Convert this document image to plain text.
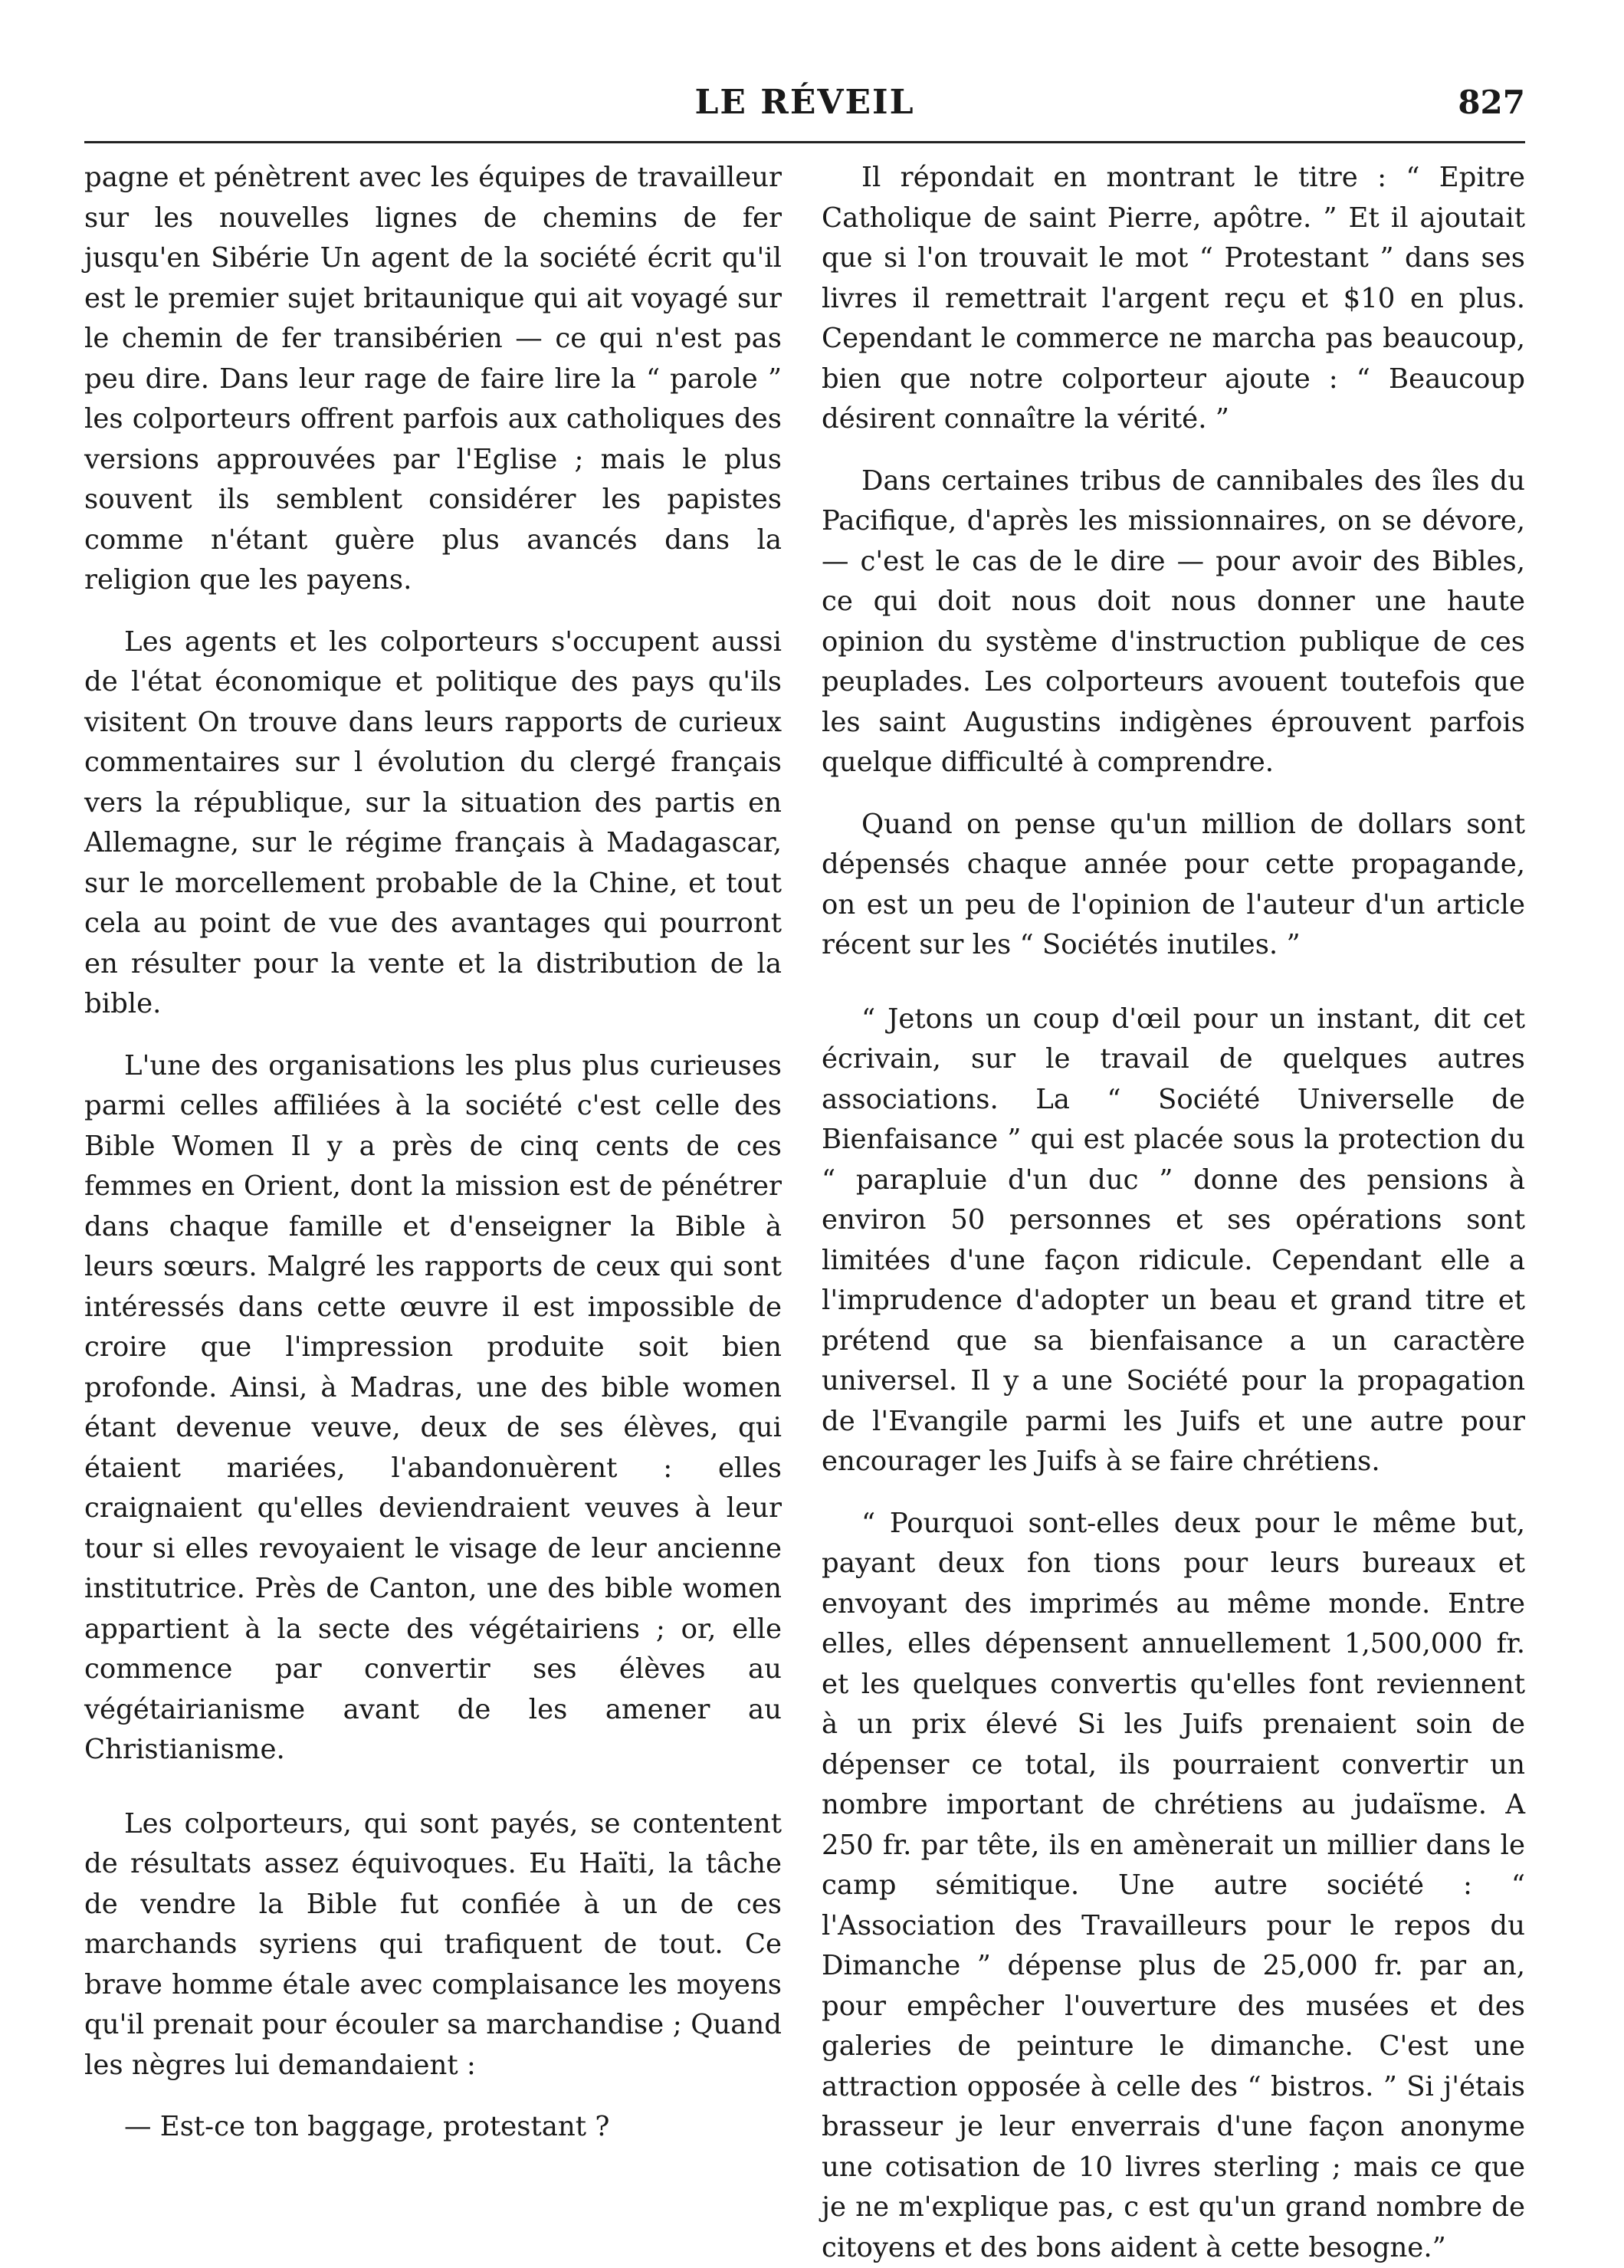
LE RÉVEIL	827

pagne et pénètrent avec les équipes de travailleur sur les nouvelles lignes de chemins de fer jusqu'en Sibérie Un agent de la société écrit qu'il est le premier sujet britaunique qui ait voyagé sur le chemin de fer transibérien — ce qui n'est pas peu dire. Dans leur rage de faire lire la “ parole ” les colporteurs offrent parfois aux catholiques des versions approuvées par l'Eglise ; mais le plus souvent ils semblent considérer les papistes comme n'étant guère plus avancés dans la religion que les payens.

Les agents et les colporteurs s'occupent aussi de l'état économique et politique des pays qu'ils visitent On trouve dans leurs rapports de curieux commentaires sur l évolution du clergé français vers la république, sur la situation des partis en Allemagne, sur le régime français à Madagascar, sur le morcellement probable de la Chine, et tout cela au point de vue des avantages qui pourront en résulter pour la vente et la distribution de la bible.

L'une des organisations les plus plus curieuses parmi celles affiliées à la société c'est celle des Bible Women Il y a près de cinq cents de ces femmes en Orient, dont la mission est de pénétrer dans chaque famille et d'enseigner la Bible à leurs sœurs. Malgré les rapports de ceux qui sont intéressés dans cette œuvre il est impossible de croire que l'impression produite soit bien profonde. Ainsi, à Madras, une des bible women étant devenue veuve, deux de ses élèves, qui étaient mariées, l'abandonuèrent : elles craignaient qu'elles deviendraient veuves à leur tour si elles revoyaient le visage de leur ancienne institutrice. Près de Canton, une des bible women appartient à la secte des végétairiens ; or, elle commence par convertir ses élèves au végétairianisme avant de les amener au Christianisme.

Les colporteurs, qui sont payés, se contentent de résultats assez équivoques. Eu Haïti, la tâche de vendre la Bible fut confiée à un de ces marchands syriens qui trafiquent de tout. Ce brave homme étale avec complaisance les moyens qu'il prenait pour écouler sa marchandise ; Quand les nègres lui demandaient :

— Est-ce ton baggage, protestant ?

Il répondait en montrant le titre : “ Epitre Catholique de saint Pierre, apôtre. ” Et il ajoutait que si l'on trouvait le mot “ Protestant ” dans ses livres il remettrait l'argent reçu et $10 en plus. Cependant le commerce ne marcha pas beaucoup, bien que notre colporteur ajoute : “ Beaucoup désirent connaître la vérité. ”

Dans certaines tribus de cannibales des îles du Pacifique, d'après les missionnaires, on se dévore, — c'est le cas de le dire — pour avoir des Bibles, ce qui doit nous doit nous donner une haute opinion du système d'instruction publique de ces peuplades. Les colporteurs avouent toutefois que les saint Augustins indigènes éprouvent parfois quelque difficulté à comprendre.

Quand on pense qu'un million de dollars sont dépensés chaque année pour cette propagande, on est un peu de l'opinion de l'auteur d'un article récent sur les “ Sociétés inutiles. ”

“ Jetons un coup d'œil pour un instant, dit cet écrivain, sur le travail de quelques autres associations. La “ Société Universelle de Bienfaisance ” qui est placée sous la protection du “ parapluie d'un duc ” donne des pensions à environ 50 personnes et ses opérations sont limitées d'une façon ridicule. Cependant elle a l'imprudence d'adopter un beau et grand titre et prétend que sa bienfaisance a un caractère universel. Il y a une Société pour la propagation de l'Evangile parmi les Juifs et une autre pour encourager les Juifs à se faire chrétiens.

“ Pourquoi sont-elles deux pour le même but, payant deux fon tions pour leurs bureaux et envoyant des imprimés au même monde. Entre elles, elles dépensent annuellement 1,500,000 fr. et les quelques convertis qu'elles font reviennent à un prix élevé Si les Juifs prenaient soin de dépenser ce total, ils pourraient convertir un nombre important de chrétiens au judaïsme. A 250 fr. par tête, ils en amènerait un millier dans le camp sémitique. Une autre société : “ l'Association des Travailleurs pour le repos du Dimanche ” dépense plus de 25,000 fr. par an, pour empêcher l'ouverture des musées et des galeries de peinture le dimanche. C'est une attraction opposée à celle des “ bistros. ” Si j'étais brasseur je leur enverrais d'une façon anonyme une cotisation de 10 livres sterling ; mais ce que je ne m'explique pas, c est qu'un grand nombre de citoyens et des bons aident à cette besogne.”
